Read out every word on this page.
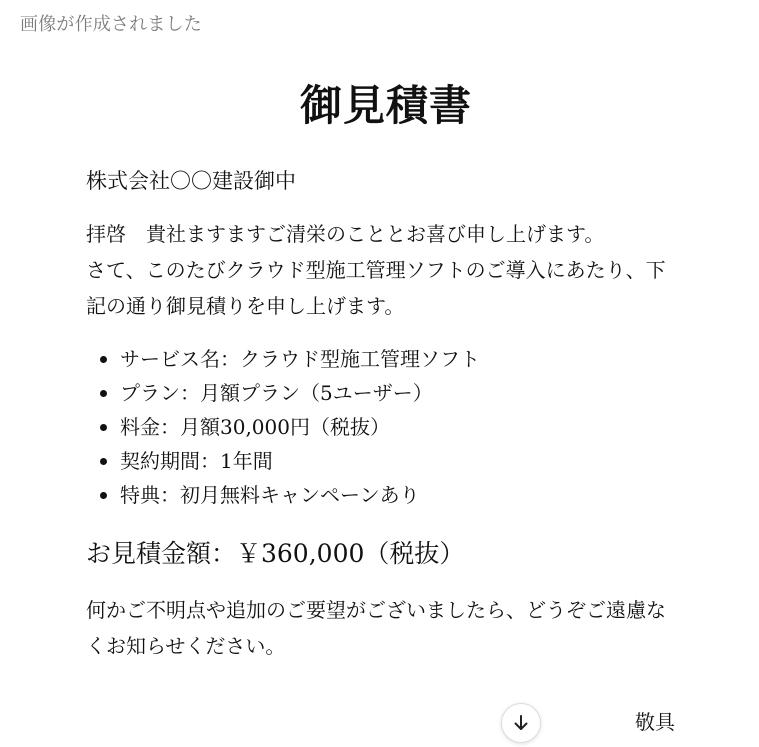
画像が作成されました
御見積書
株式会社〇〇建設御中

拝啓　貴社ますますご清栄のこととお喜び申し上げます。

さて、このたびクラウド型施工管理ソフトのご導入にあたり、下記の通り御見積りを申し上げます。

サービス名：クラウド型施工管理ソフト
プラン：月額プラン（5ユーザー）
料金：月額30,000円（税抜）
契約期間：1年間
特典：初月無料キャンペーンあり
お見積金額：￥360,000（税抜）

何かご不明点や追加のご要望がございましたら、どうぞご遠慮なくお知らせください。

敬具
